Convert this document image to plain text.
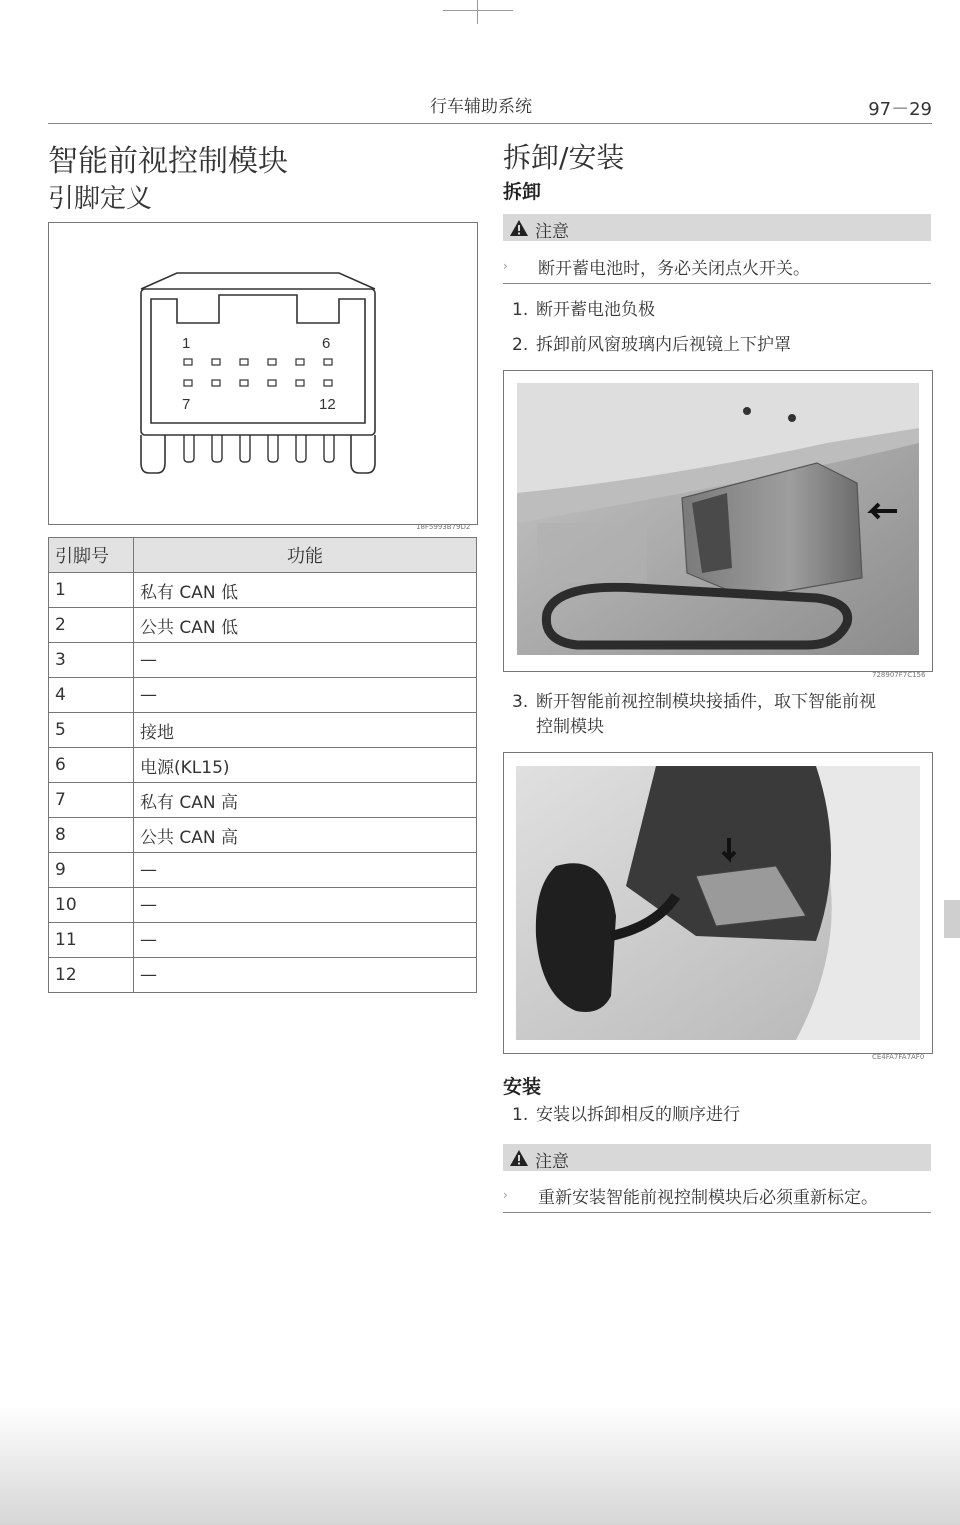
行车辅助系统	97－29
智能前视控制模块
引脚定义
1	6
7	12
18F5993B79D2
引脚号	功能
1	私有 CAN 低
2	公共 CAN 低
3	—
4	—
5	接地
6	电源(KL15)
7	私有 CAN 高
8	公共 CAN 高
9	—
10	—
11	—
12	—
拆卸/安装
拆卸
注意
› 断开蓄电池时，务必关闭点火开关。
1. 断开蓄电池负极
2. 拆卸前风窗玻璃内后视镜上下护罩
728907F7C156
3. 断开智能前视控制模块接插件，取下智能前视
控制模块
CE4FA7FA7AF0
安装
1. 安装以拆卸相反的顺序进行
注意
› 重新安装智能前视控制模块后必须重新标定。
